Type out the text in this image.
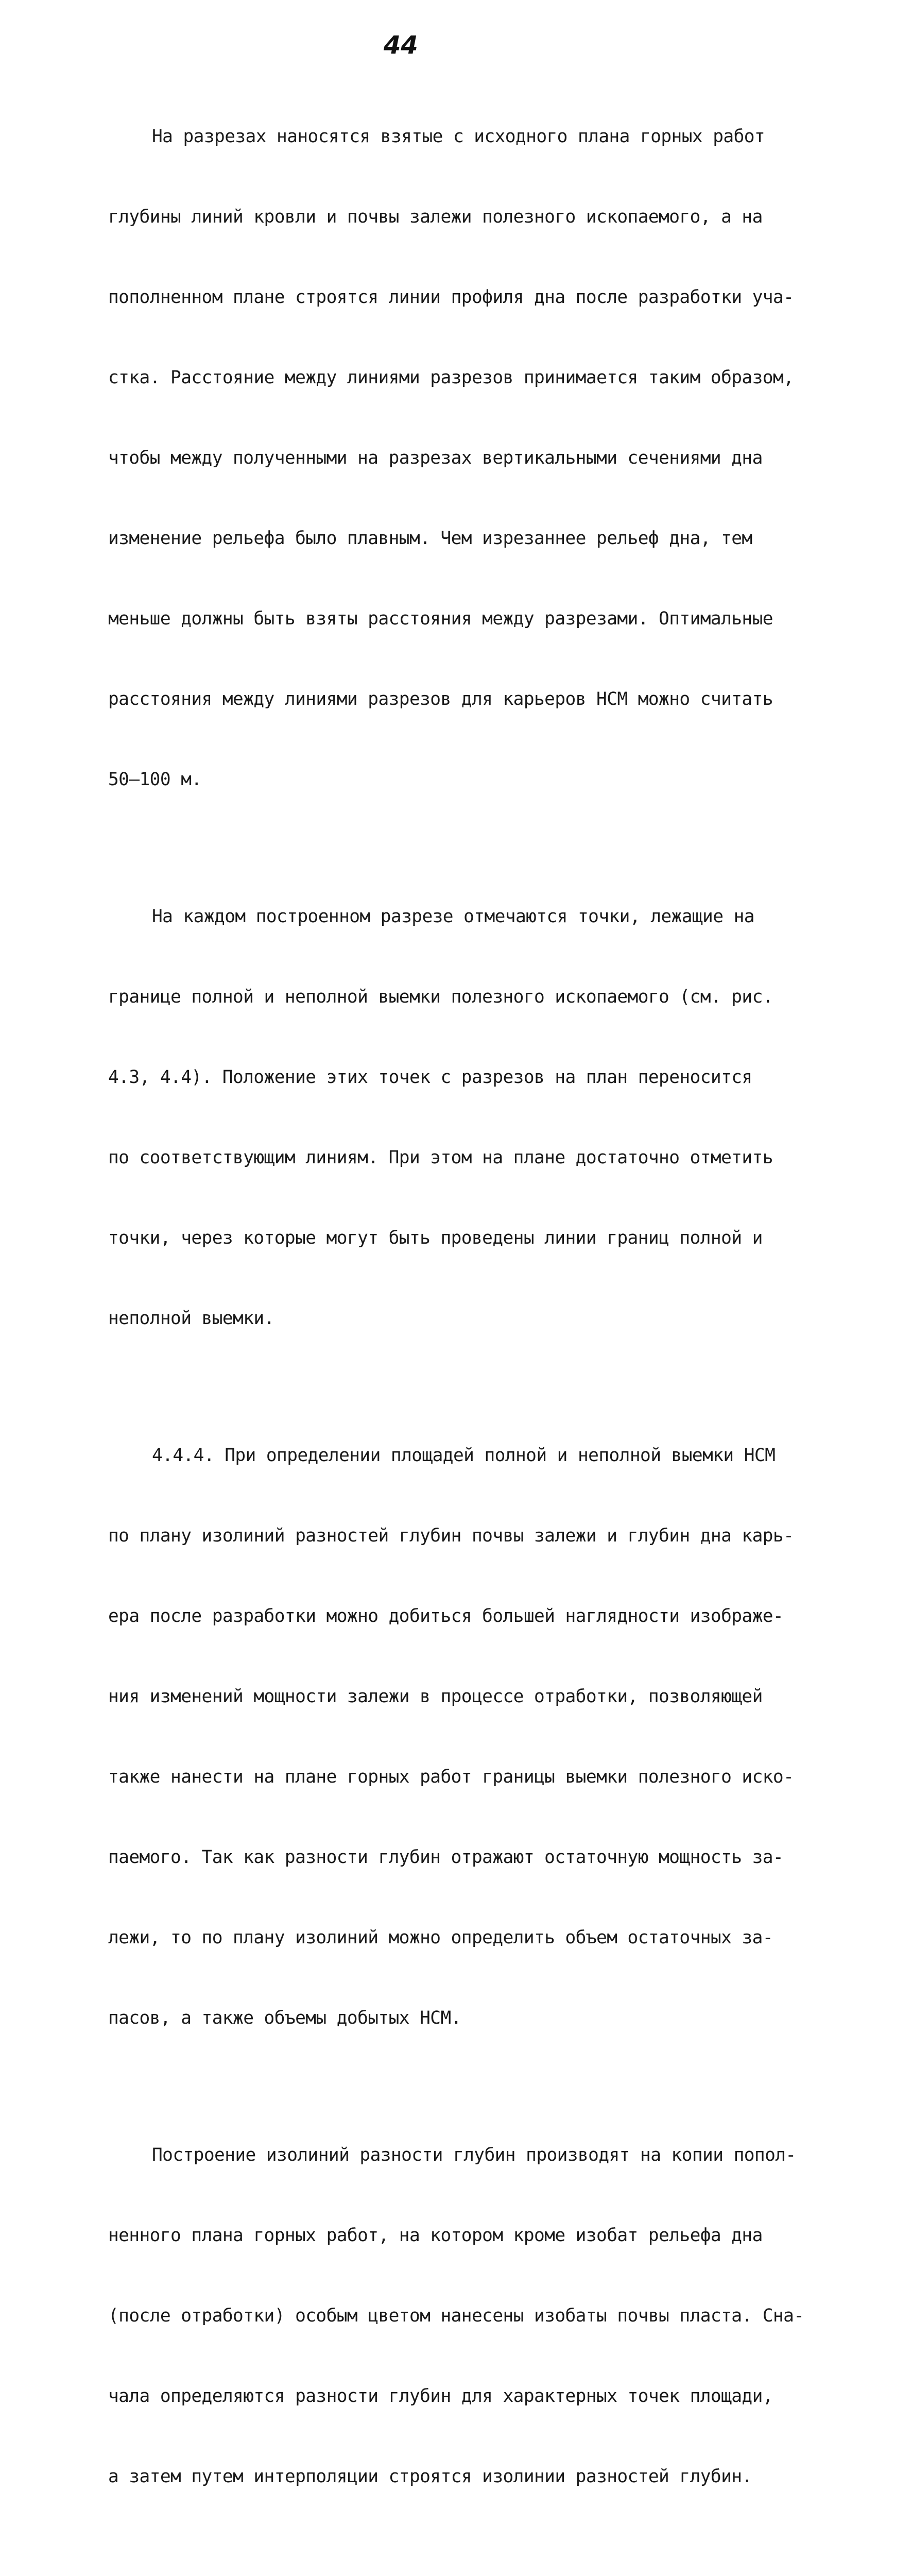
44

На разрезах наносятся взятые с исходного плана горных работ

глубины линий кровли и почвы залежи полезного ископаемого, а на

пополненном плане строятся линии профиля дна после разработки уча-

стка. Расстояние между линиями разрезов принимается таким образом,

чтобы между полученными на разрезах вертикальными сечениями дна

изменение рельефа было плавным. Чем изрезаннее рельеф дна, тем

меньше должны быть взяты расстояния между разрезами. Оптимальные

расстояния между линиями разрезов для карьеров НСМ можно считать

50–100 м.

На каждом построенном разрезе отмечаются точки, лежащие на

границе полной и неполной выемки полезного ископаемого (см. рис.

4.3, 4.4). Положение этих точек с разрезов на план переносится

по соответствующим линиям. При этом на плане достаточно отметить

точки, через которые могут быть проведены линии границ полной и

неполной выемки.

4.4.4. При определении площадей полной и неполной выемки НСМ

по плану изолиний разностей глубин почвы залежи и глубин дна карь-

ера после разработки можно добиться большей наглядности изображе-

ния изменений мощности залежи в процессе отработки, позволяющей

также нанести на плане горных работ границы выемки полезного иско-

паемого. Так как разности глубин отражают остаточную мощность за-

лежи, то по плану изолиний можно определить объем остаточных за-

пасов, а также объемы добытых НСМ.

Построение изолиний разности глубин производят на копии попол-

ненного плана горных работ, на котором кроме изобат рельефа дна

(после отработки) особым цветом нанесены изобаты почвы пласта. Сна-

чала определяются разности глубин для характерных точек площади,

а затем путем интерполяции строятся изолинии разностей глубин.
